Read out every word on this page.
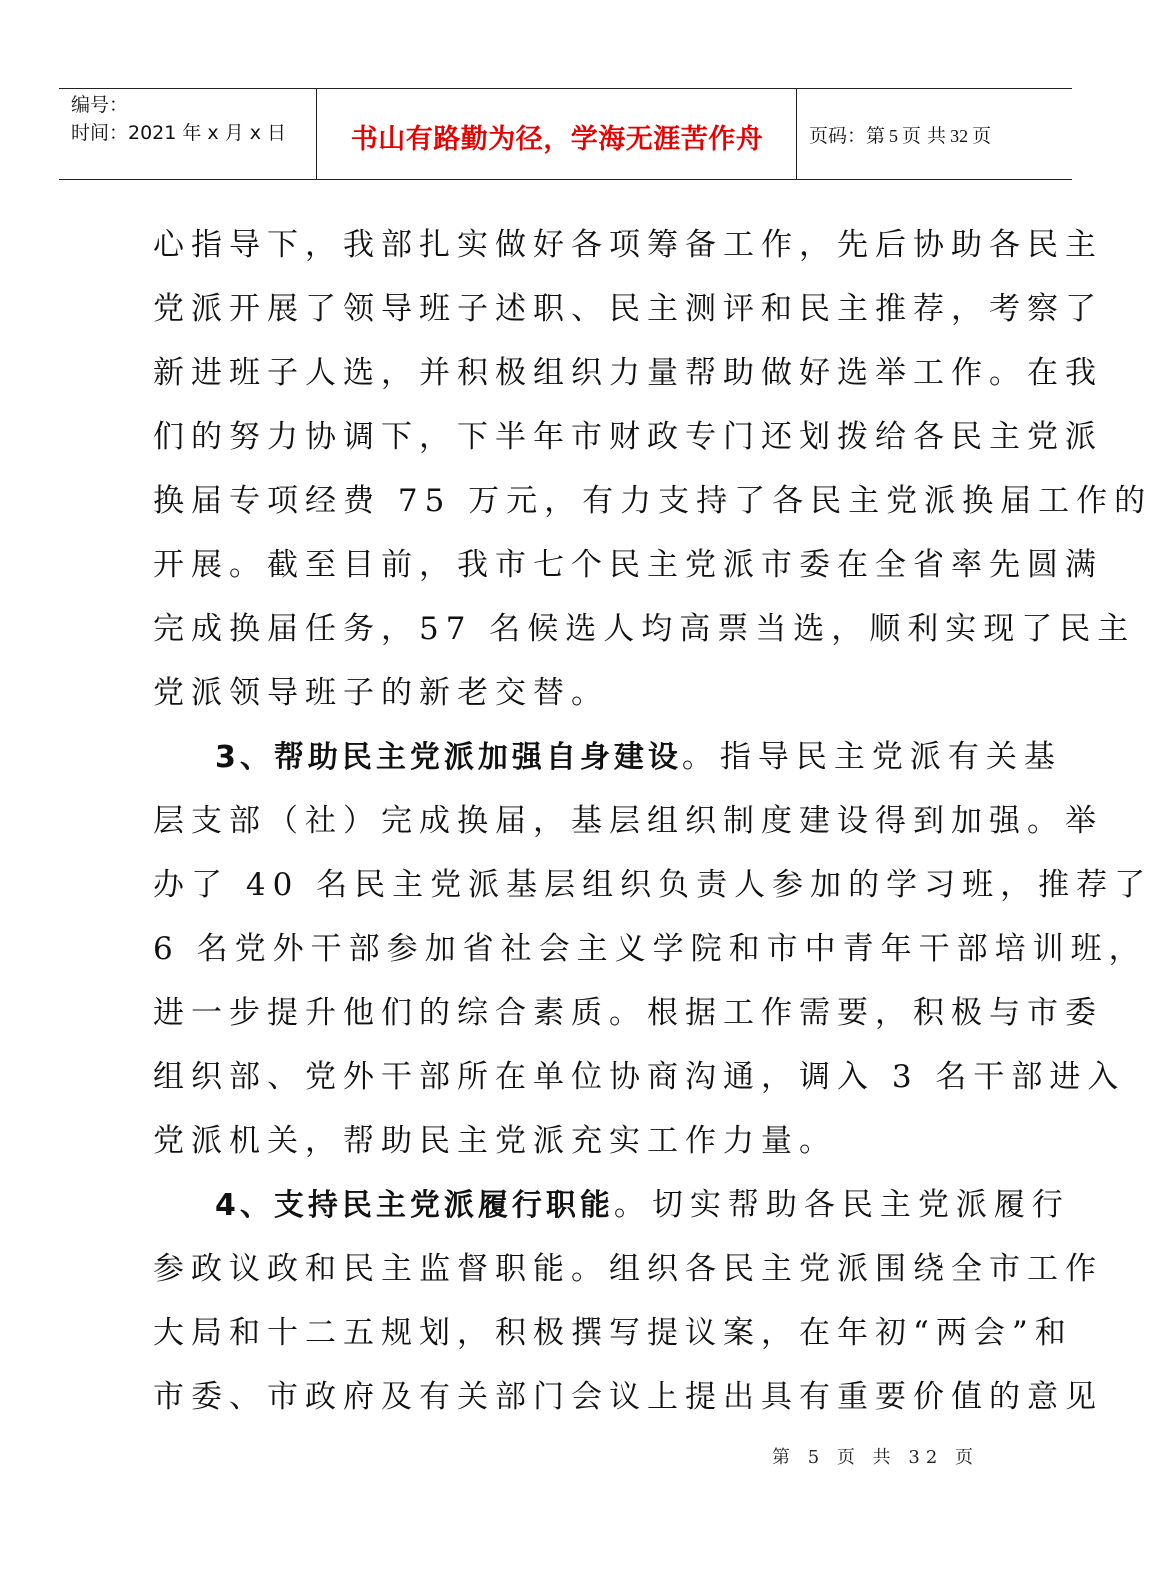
编号：
时间：2021 年 x 月 x 日	书山有路勤为径，学海无涯苦作舟	页码：第 5 页 共 32 页
心指导下，我部扎实做好各项筹备工作，先后协助各民主
党派开展了领导班子述职、民主测评和民主推荐，考察了
新进班子人选，并积极组织力量帮助做好选举工作。在我
们的努力协调下，下半年市财政专门还划拨给各民主党派
换届专项经费 75 万元，有力支持了各民主党派换届工作的
开展。截至目前，我市七个民主党派市委在全省率先圆满
完成换届任务，57 名候选人均高票当选，顺利实现了民主
党派领导班子的新老交替。
3、帮助民主党派加强自身建设。指导民主党派有关基
层支部（社）完成换届，基层组织制度建设得到加强。举
办了 40 名民主党派基层组织负责人参加的学习班，推荐了
6 名党外干部参加省社会主义学院和市中青年干部培训班，
进一步提升他们的综合素质。根据工作需要，积极与市委
组织部、党外干部所在单位协商沟通，调入 3 名干部进入
党派机关，帮助民主党派充实工作力量。
4、支持民主党派履行职能。切实帮助各民主党派履行
参政议政和民主监督职能。组织各民主党派围绕全市工作
大局和十二五规划，积极撰写提议案，在年初“两会”和
市委、市政府及有关部门会议上提出具有重要价值的意见
第 5 页 共 32 页
